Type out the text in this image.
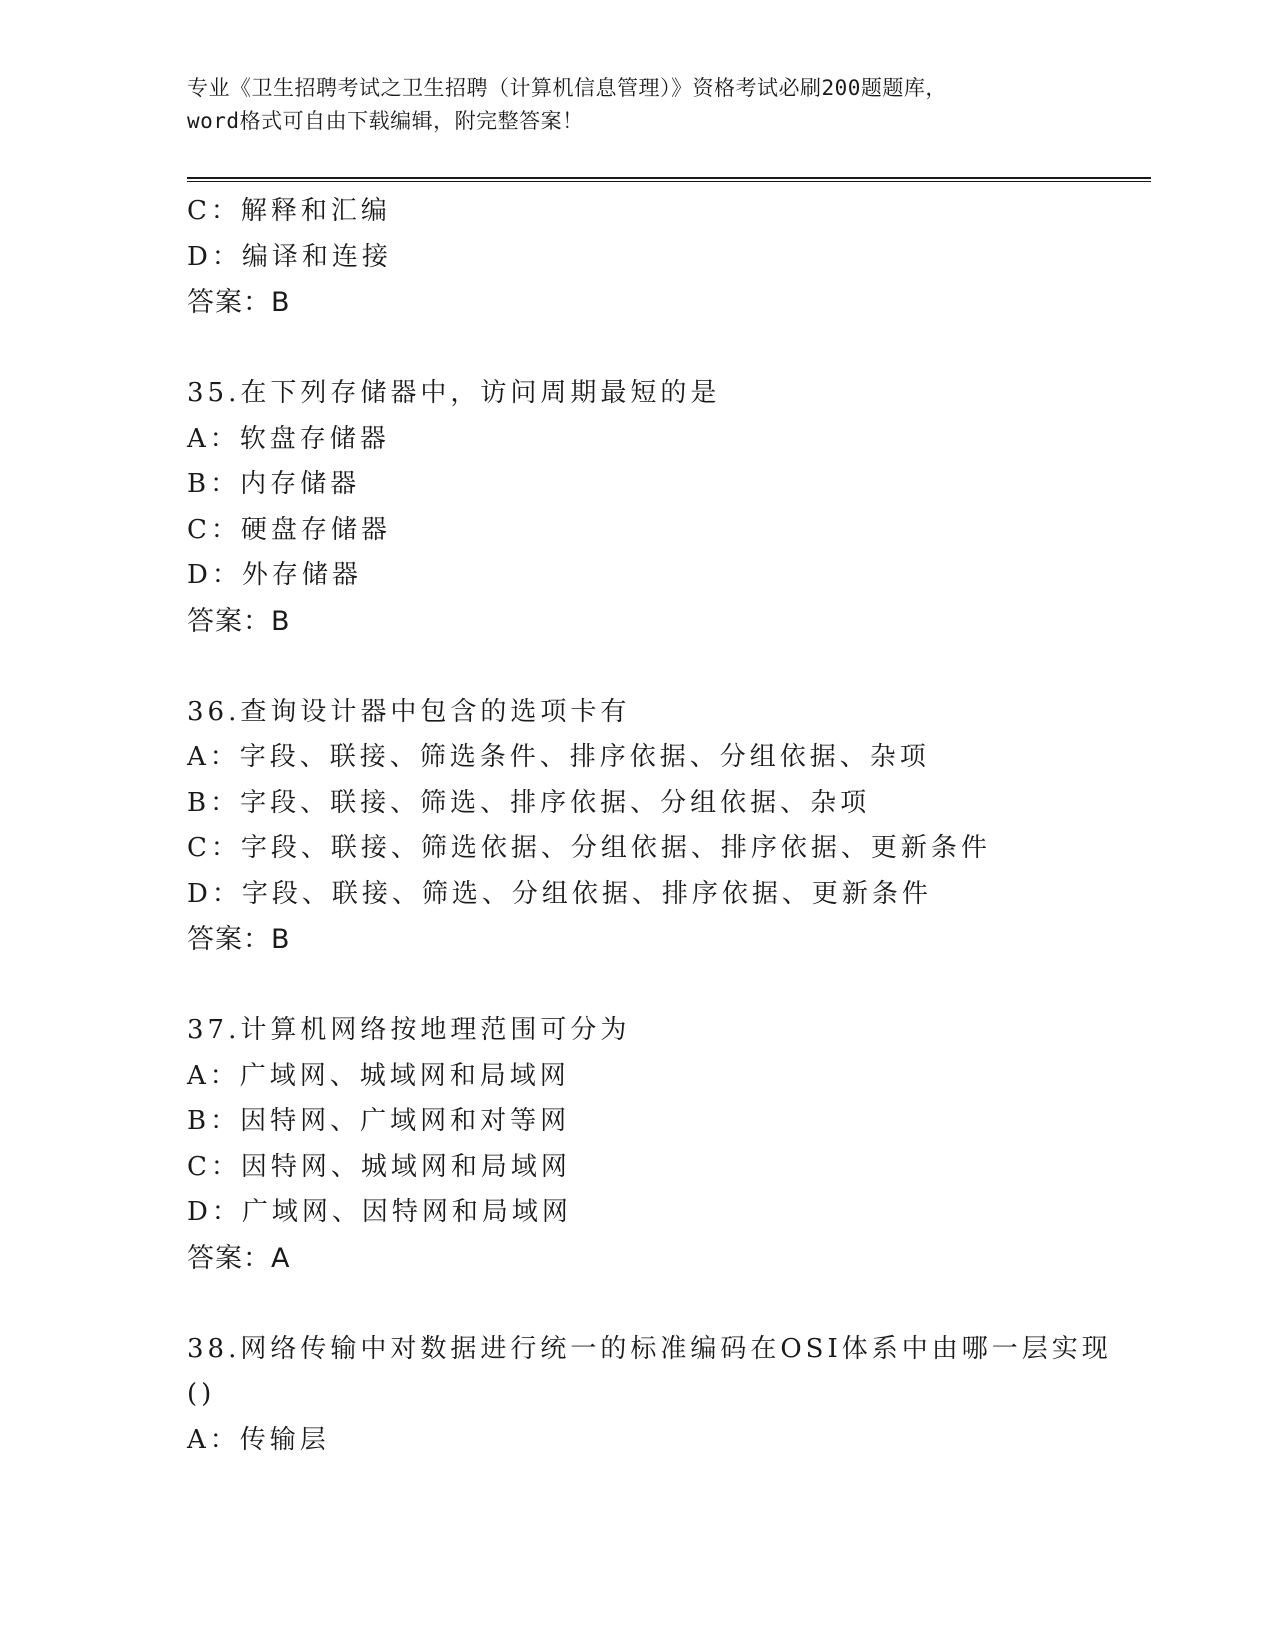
专业《卫生招聘考试之卫生招聘（计算机信息管理）》资格考试必刷200题题库，
word格式可自由下载编辑，附完整答案！
C：解释和汇编
D：编译和连接
答案：B
35.在下列存储器中，访问周期最短的是
A：软盘存储器
B：内存储器
C：硬盘存储器
D：外存储器
答案：B
36.查询设计器中包含的选项卡有
A：字段、联接、筛选条件、排序依据、分组依据、杂项
B：字段、联接、筛选、排序依据、分组依据、杂项
C：字段、联接、筛选依据、分组依据、排序依据、更新条件
D：字段、联接、筛选、分组依据、排序依据、更新条件
答案：B
37.计算机网络按地理范围可分为
A：广域网、城域网和局域网
B：因特网、广域网和对等网
C：因特网、城域网和局域网
D：广域网、因特网和局域网
答案：A
38.网络传输中对数据进行统一的标准编码在OSI体系中由哪一层实现
()
A：传输层
